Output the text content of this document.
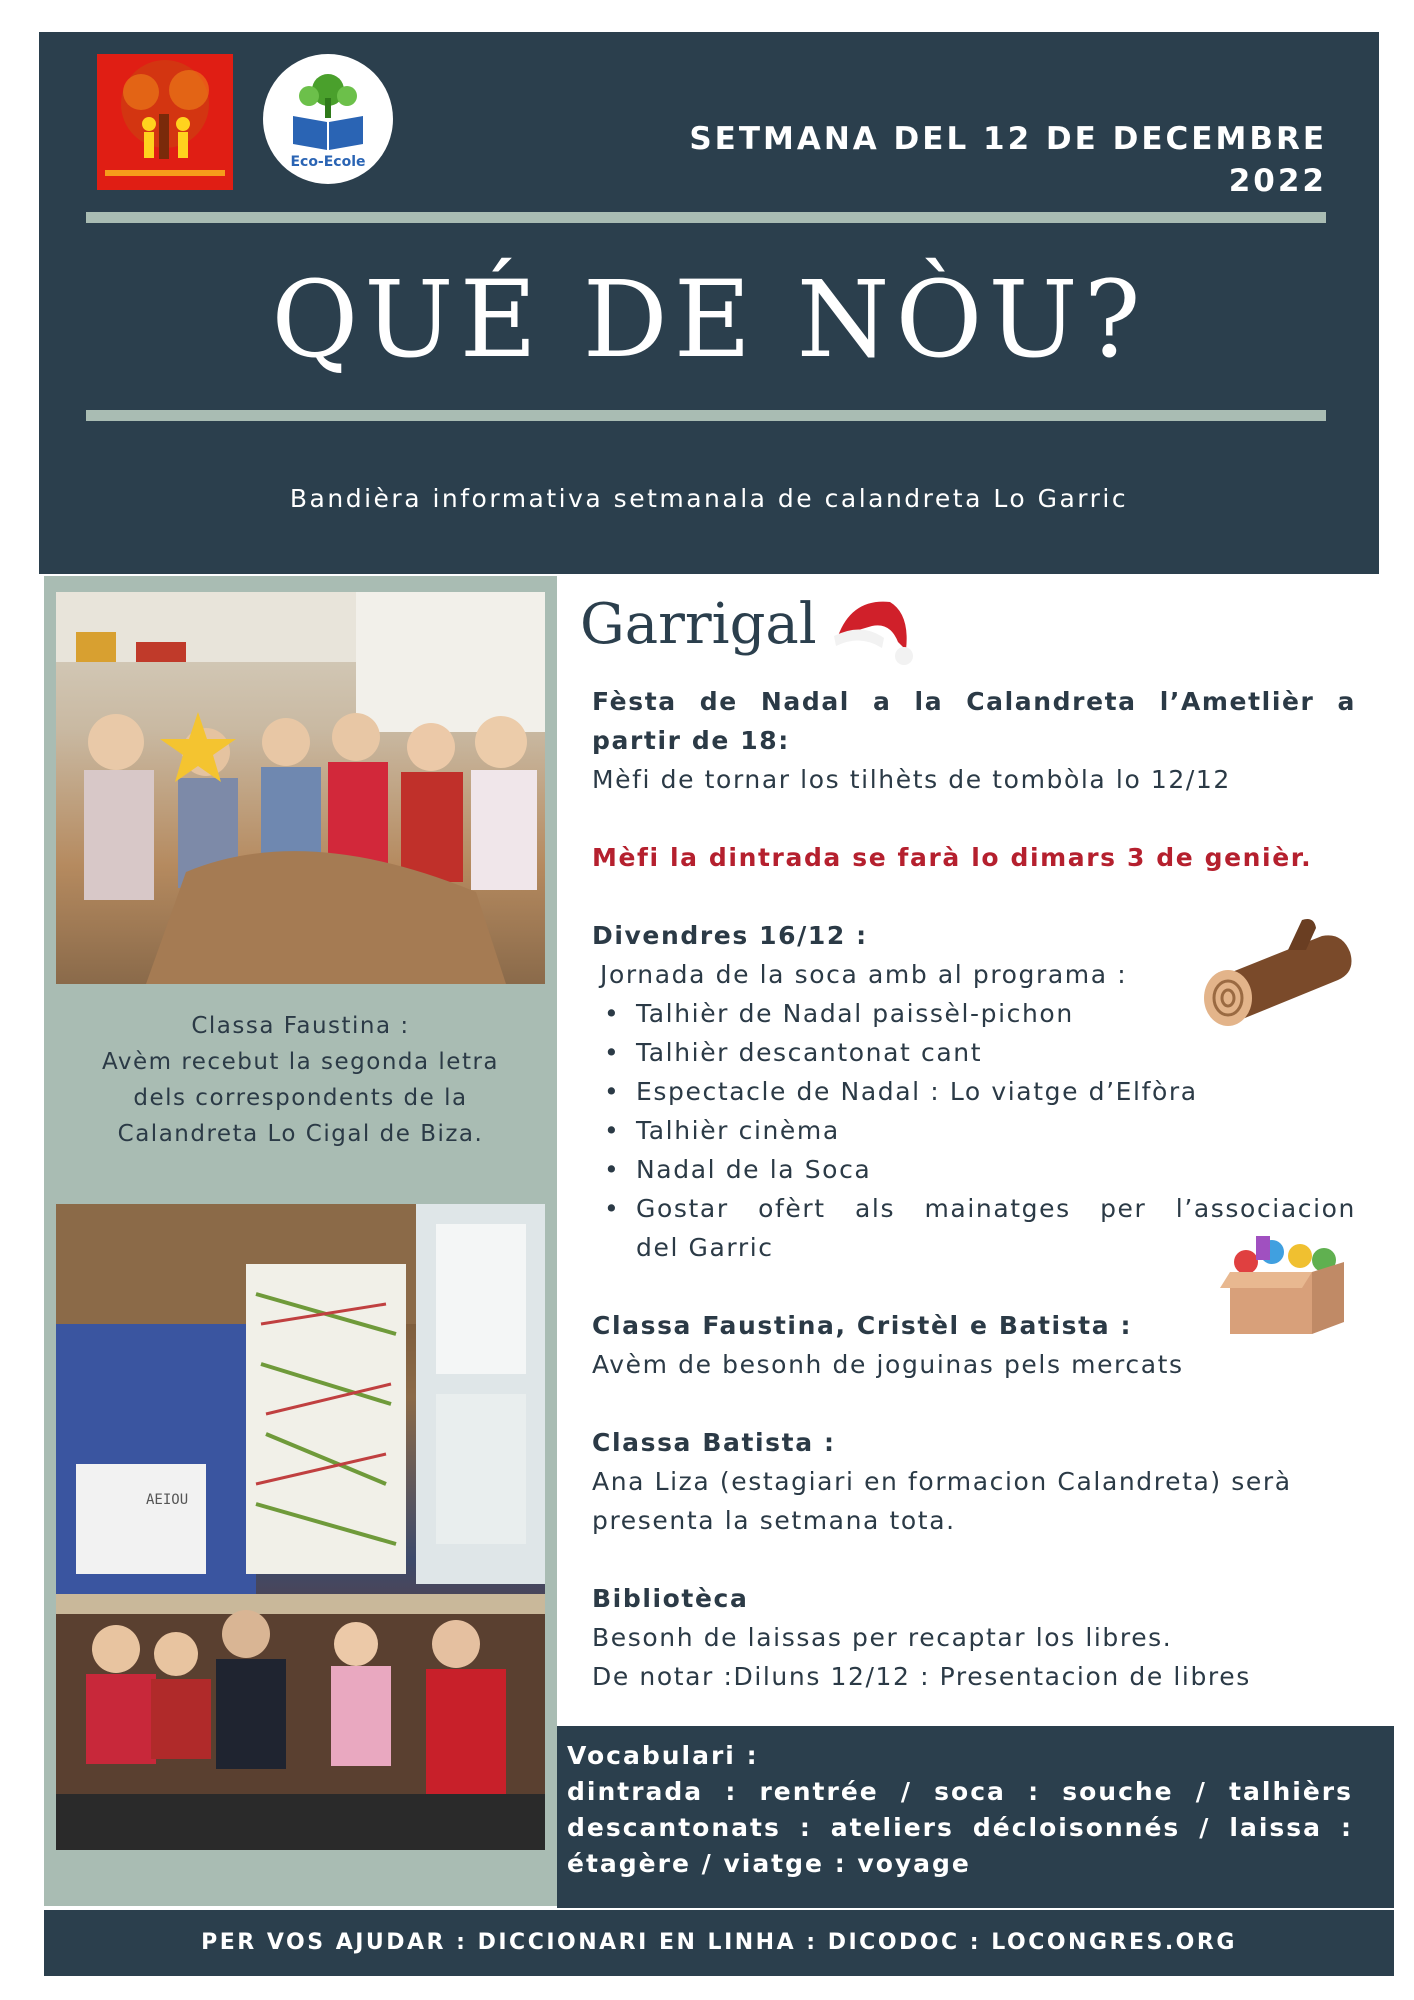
Eco-Ecole
SETMANA DEL 12 DE DECEMBRE
2022
QUÉ DE NÒU?
Bandièra informativa setmanala de calandreta Lo Garric
Classa Faustina :
Avèm recebut la segonda letra
dels correspondents de la
Calandreta Lo Cigal de Biza.
AEIOU
Garrigal

Fèsta de Nadal a la Calandreta l’Ametlièr a

partir de 18:

Mèfi de tornar los tilhèts de tombòla lo 12/12

Mèfi la dintrada se farà lo dimars 3 de genièr.

Divendres 16/12 :

Jornada de la soca amb al programa :

• Talhièr de Nadal paissèl-pichon
• Talhièr descantonat cant
• Espectacle de Nadal : Lo viatge d’Elfòra
• Talhièr cinèma
• Nadal de la Soca
• Gostar ofèrt als mainatges per l’associacion
del Garric

Classa Faustina, Cristèl e Batista :

Avèm de besonh de joguinas pels mercats

Classa Batista :

Ana Liza (estagiari en formacion Calandreta) serà

presenta la setmana tota.

Bibliotèca

Besonh de laissas per recaptar los libres.

De notar :Diluns 12/12 : Presentacion de libres

Vocabulari :
dintrada : rentrée / soca : souche / talhièrs
descantonats : ateliers décloisonnés / laissa :
étagère / viatge : voyage
PER VOS AJUDAR : DICCIONARI EN LINHA : DICODOC : LOCONGRES.ORG
